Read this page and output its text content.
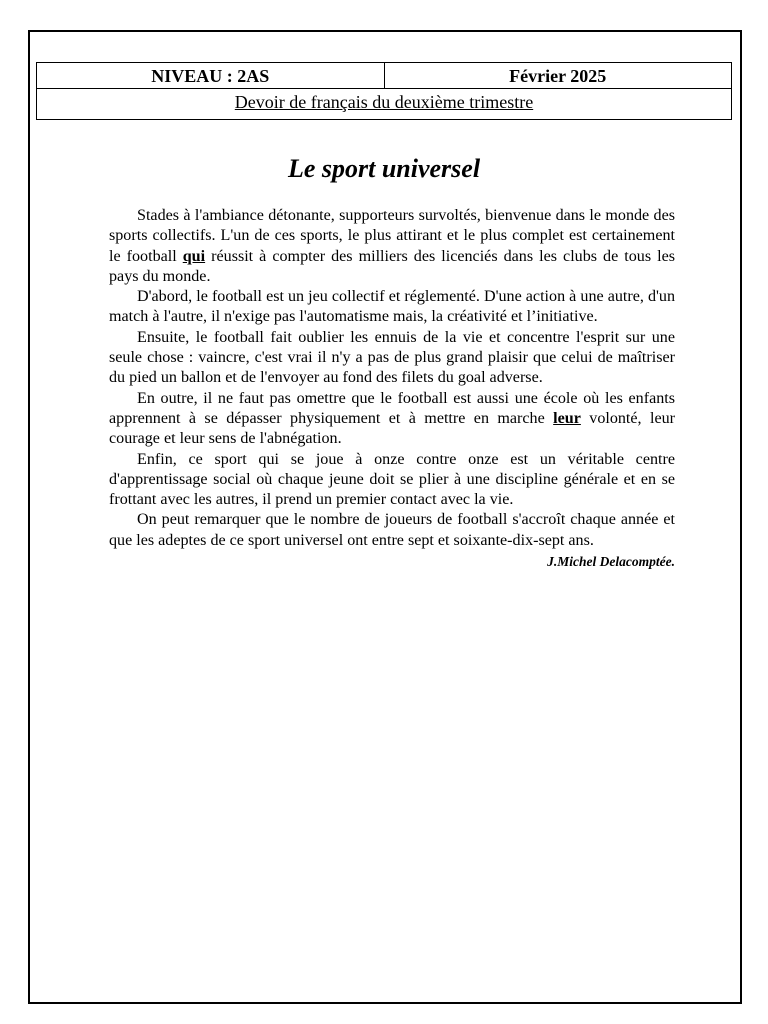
NIVEAU : 2AS	Février 2025
Devoir de français du deuxième trimestre
Le sport universel

Stades à l'ambiance détonante, supporteurs survoltés, bienvenue dans le monde des sports collectifs. L'un de ces sports, le plus attirant et le plus complet est certainement le football qui réussit à compter des milliers des licenciés dans les clubs de tous les pays du monde.

D'abord, le football est un jeu collectif et réglementé. D'une action à une autre, d'un match à l'autre, il n'exige pas l'automatisme mais, la créativité et l’initiative.

Ensuite, le football fait oublier les ennuis de la vie et concentre l'esprit sur une seule chose : vaincre, c'est vrai il n'y a pas de plus grand plaisir que celui de maîtriser du pied un ballon et de l'envoyer au fond des filets du goal adverse.

En outre, il ne faut pas omettre que le football est aussi une école où les enfants apprennent à se dépasser physiquement et à mettre en marche leur volonté, leur courage et leur sens de l'abnégation.

Enfin, ce sport qui se joue à onze contre onze est un véritable centre d'apprentissage social où chaque jeune doit se plier à une discipline générale et en se frottant avec les autres, il prend un premier contact avec la vie.

On peut remarquer que le nombre de joueurs de football s'accroît chaque année et que les adeptes de ce sport universel ont entre sept et soixante-dix-sept ans.

J.Michel Delacomptée.
